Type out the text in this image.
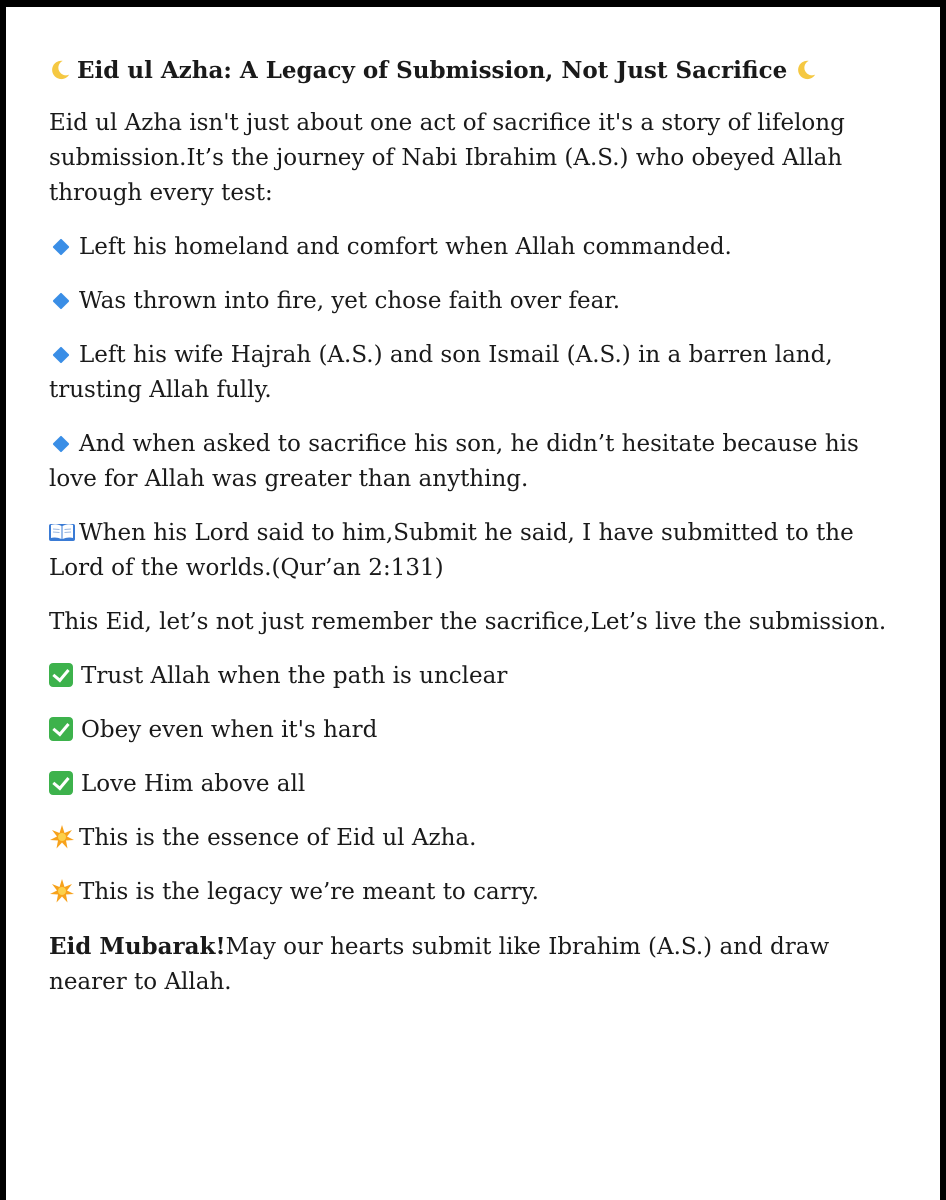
Eid ul Azha: A Legacy of Submission, Not Just Sacrifice

Eid ul Azha isn't just about one act of sacrifice it's a story of lifelong submission.It’s the journey of Nabi Ibrahim (A.S.) who obeyed Allah through every test:

Left his homeland and comfort when Allah commanded.

Was thrown into fire, yet chose faith over fear.

Left his wife Hajrah (A.S.) and son Ismail (A.S.) in a barren land, trusting Allah fully.

And when asked to sacrifice his son, he didn’t hesitate because his love for Allah was greater than anything.

When his Lord said to him,Submit he said, I have submitted to the Lord of the worlds.(Qur’an 2:131)

This Eid, let’s not just remember the sacrifice,Let’s live the submission.

Trust Allah when the path is unclear

Obey even when it's hard

Love Him above all

This is the essence of Eid ul Azha.

This is the legacy we’re meant to carry.

Eid Mubarak!May our hearts submit like Ibrahim (A.S.) and draw nearer to Allah.
